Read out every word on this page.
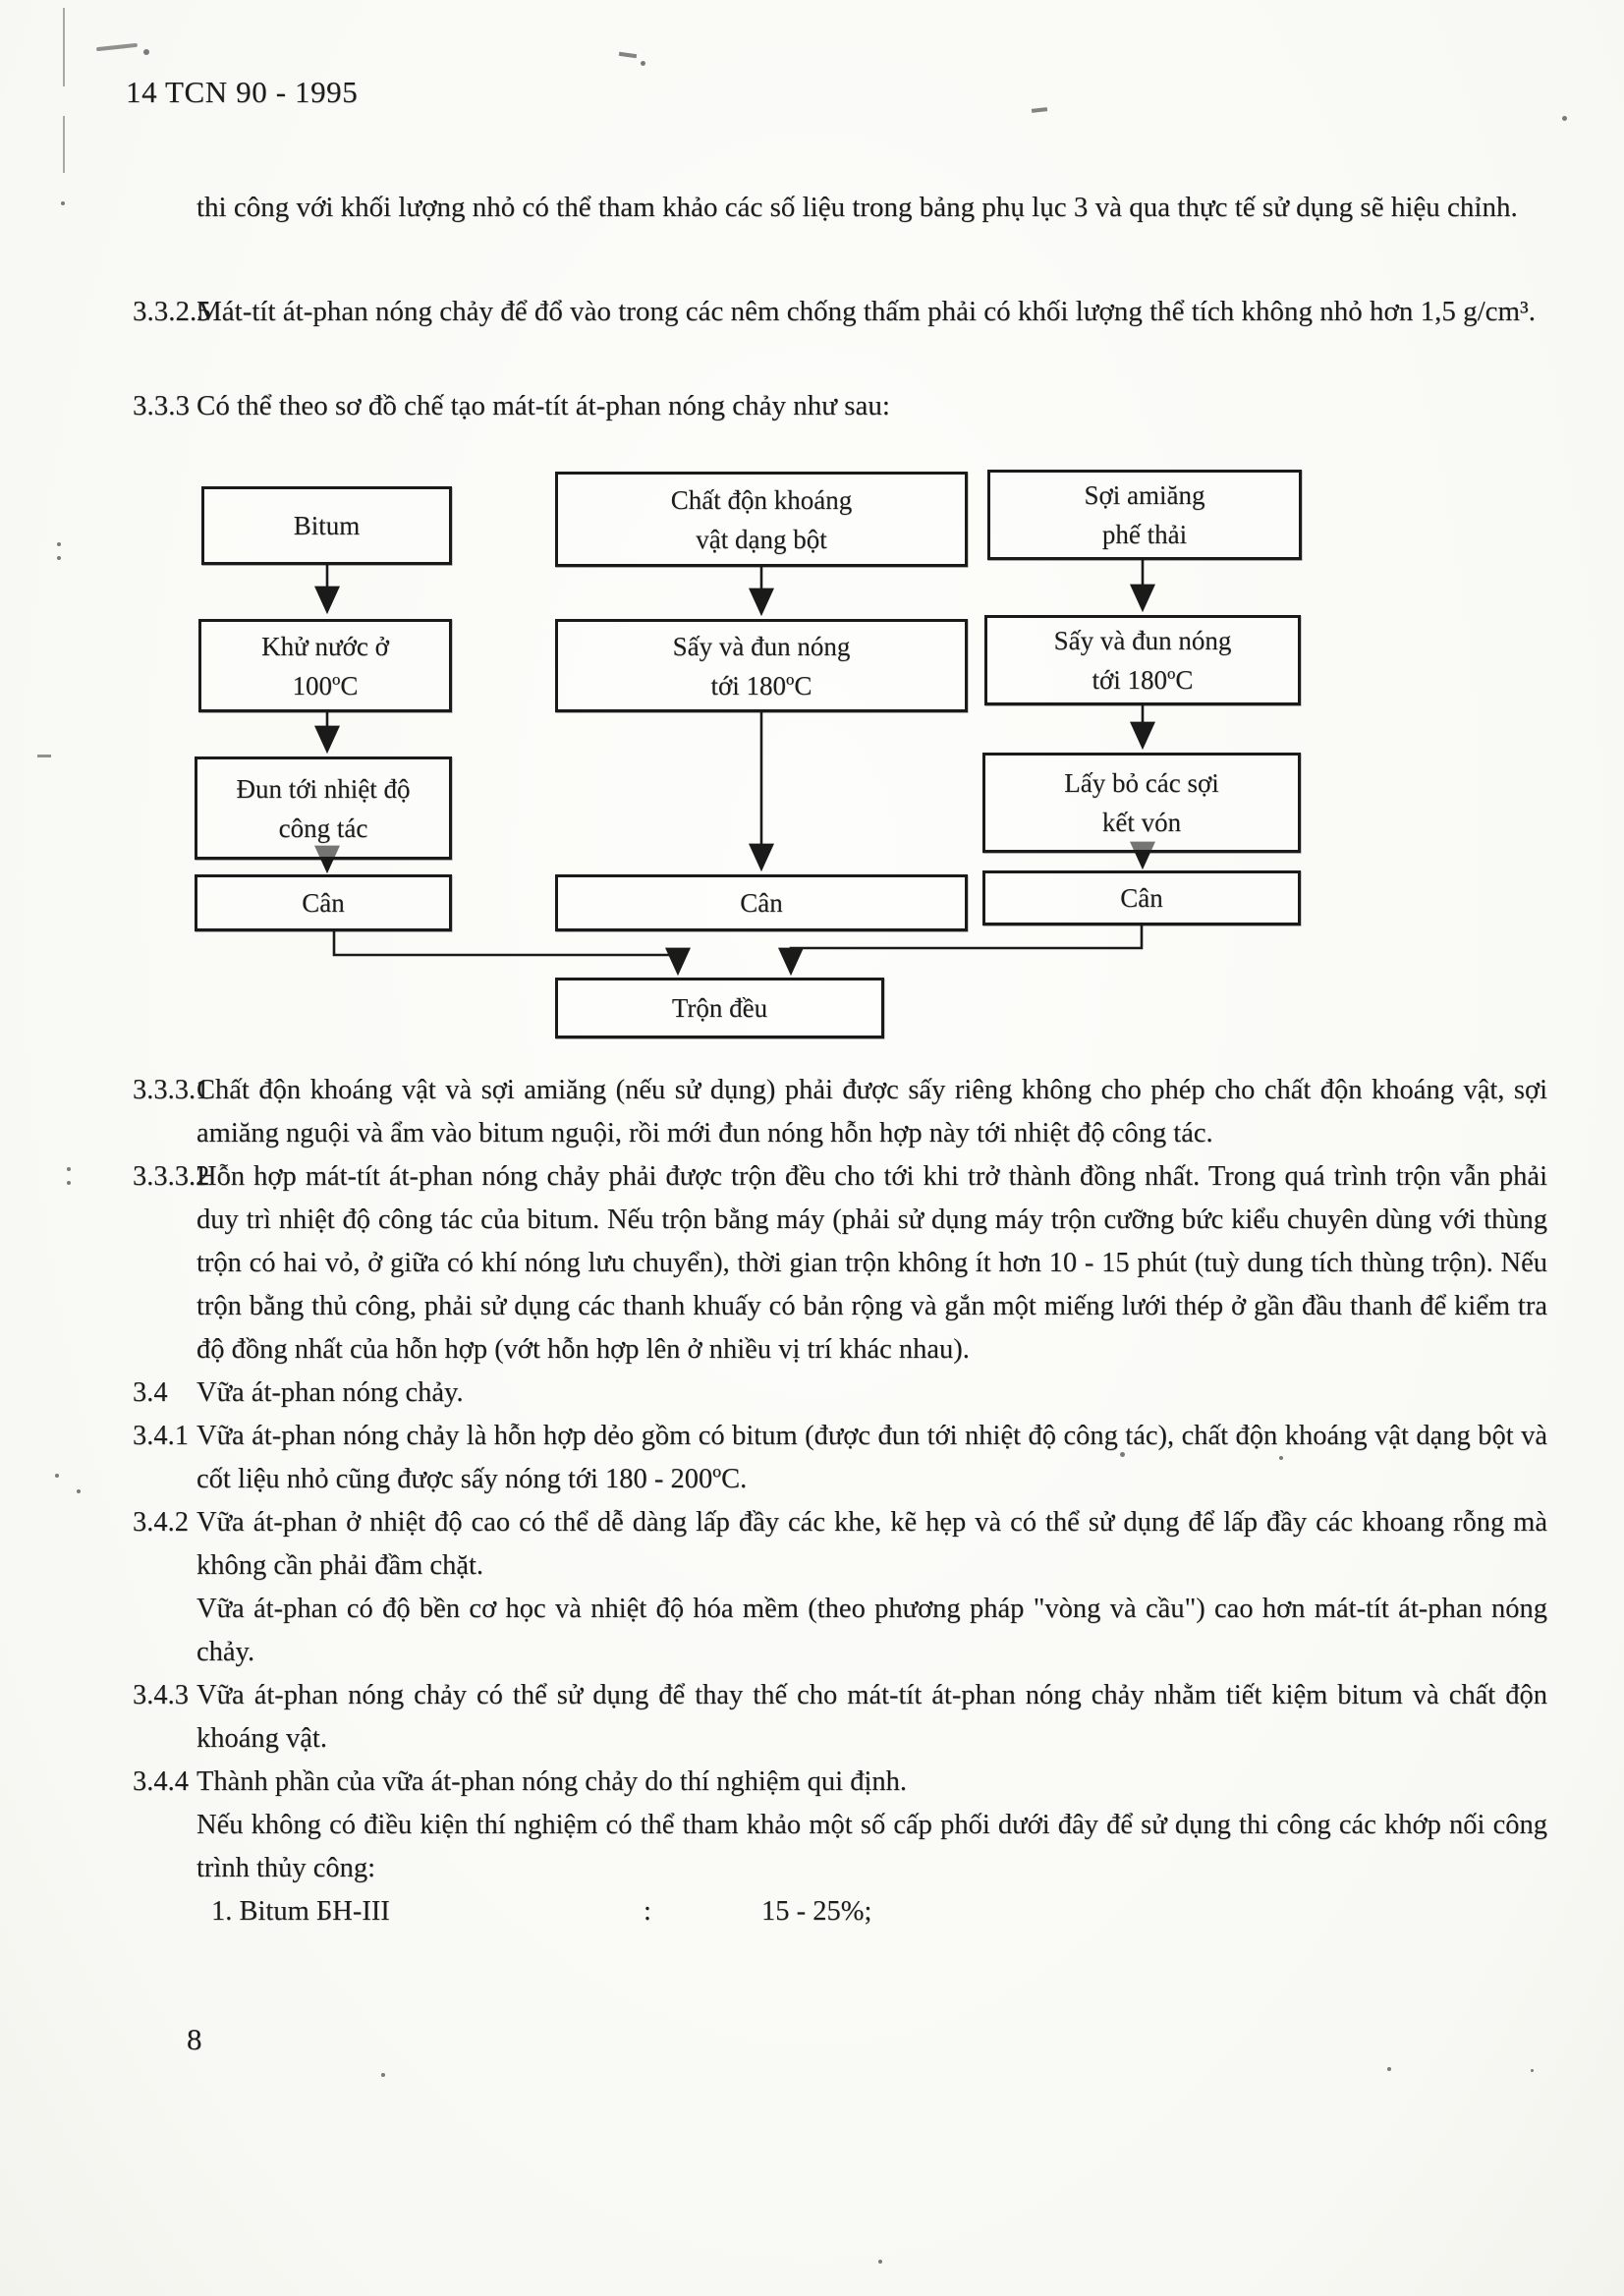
14 TCN 90 - 1995
thi công với khối lượng nhỏ có thể tham khảo các số liệu trong bảng phụ lục 3 và qua thực tế sử dụng sẽ hiệu chỉnh.
3.3.2.5
Mát-tít át-phan nóng chảy để đổ vào trong các nêm chống thấm phải có khối lượng thể tích không nhỏ hơn 1,5 g/cm³.
3.3.3 Có thể theo sơ đồ chế tạo mát-tít át-phan nóng chảy như sau:
Bitum
Chất độn khoáng
vật dạng bột
Sợi amiăng
phế thải
Khử nước ở
100ºC
Sấy và đun nóng
tới 180ºC
Sấy và đun nóng
tới 180ºC
Đun tới nhiệt độ
công tác
Lấy bỏ các sợi
kết vón
Cân	Cân	Cân
Trộn đều
3.3.3.1
Chất độn khoáng vật và sợi amiăng (nếu sử dụng) phải được sấy riêng không cho phép cho chất độn khoáng vật, sợi amiăng nguội và ẩm vào bitum nguội, rồi mới đun nóng hỗn hợp này tới nhiệt độ công tác.
3.3.3.2
Hỗn hợp mát-tít át-phan nóng chảy phải được trộn đều cho tới khi trở thành đồng nhất. Trong quá trình trộn vẫn phải duy trì nhiệt độ công tác của bitum. Nếu trộn bằng máy (phải sử dụng máy trộn cưỡng bức kiểu chuyên dùng với thùng trộn có hai vỏ, ở giữa có khí nóng lưu chuyển), thời gian trộn không ít hơn 10 - 15 phút (tuỳ dung tích thùng trộn). Nếu trộn bằng thủ công, phải sử dụng các thanh khuấy có bản rộng và gắn một miếng lưới thép ở gần đầu thanh để kiểm tra độ đồng nhất của hỗn hợp (vớt hỗn hợp lên ở nhiều vị trí khác nhau).
3.4 Vữa át-phan nóng chảy.
3.4.1 Vữa át-phan nóng chảy là hỗn hợp dẻo gồm có bitum (được đun tới nhiệt độ công tác), chất độn khoáng vật dạng bột và cốt liệu nhỏ cũng được sấy nóng tới 180 - 200ºC.
3.4.2 Vữa át-phan ở nhiệt độ cao có thể dễ dàng lấp đầy các khe, kẽ hẹp và có thể sử dụng để lấp đầy các khoang rỗng mà không cần phải đầm chặt.
Vữa át-phan có độ bền cơ học và nhiệt độ hóa mềm (theo phương pháp "vòng và cầu") cao hơn mát-tít át-phan nóng chảy.
3.4.3 Vữa át-phan nóng chảy có thể sử dụng để thay thế cho mát-tít át-phan nóng chảy nhằm tiết kiệm bitum và chất độn khoáng vật.
3.4.4 Thành phần của vữa át-phan nóng chảy do thí nghiệm qui định.
Nếu không có điều kiện thí nghiệm có thể tham khảo một số cấp phối dưới đây để sử dụng thi công các khớp nối công trình thủy công:
1. Bitum БН-III	:	15 - 25%;
8
